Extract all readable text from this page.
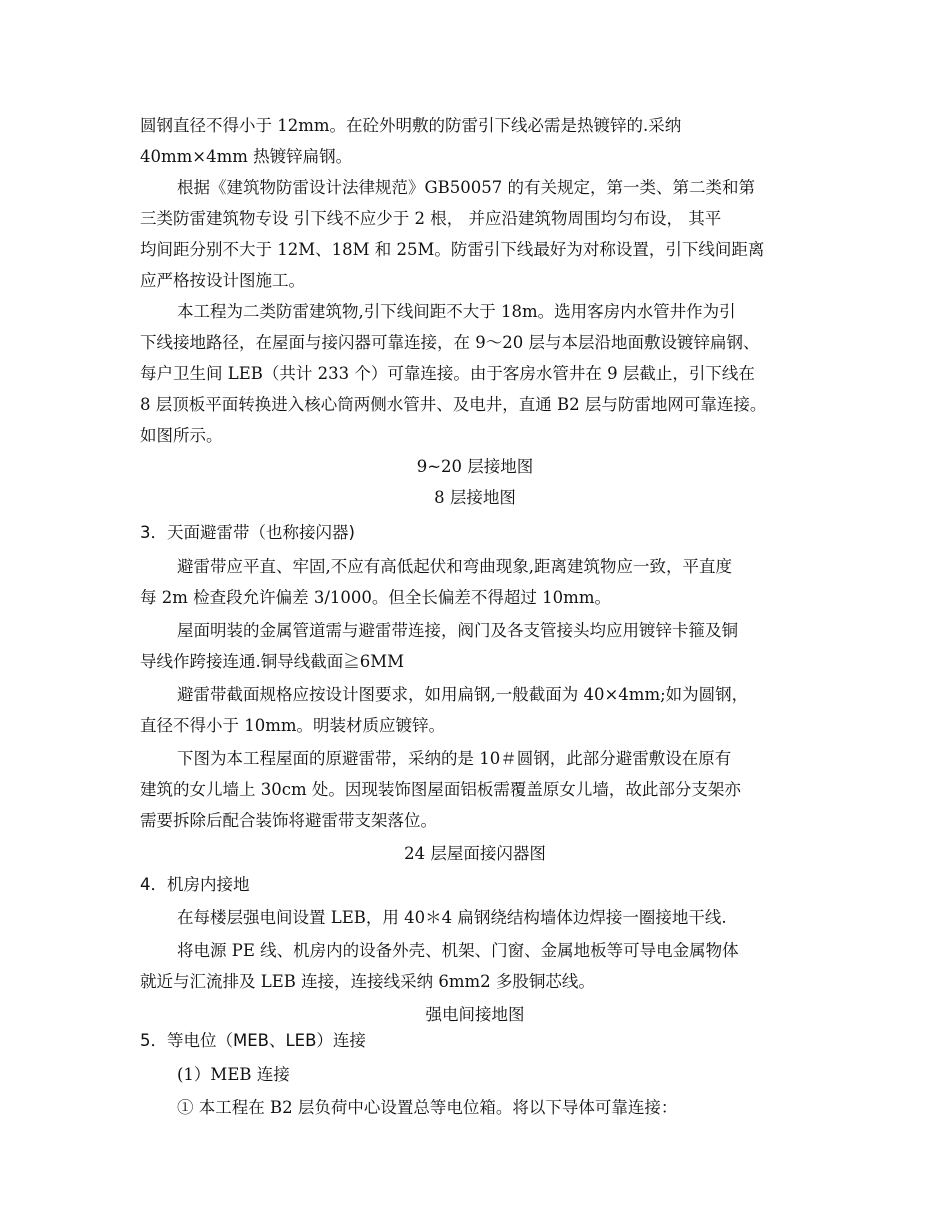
圆钢直径不得小于 12mm。在砼外明敷的防雷引下线必需是热镀锌的.采纳
40mm×4mm 热镀锌扁钢。
根据《建筑物防雷设计法律规范》GB50057 的有关规定，第一类、第二类和第
三类防雷建筑物专设 引下线不应少于 2 根， 并应沿建筑物周围均匀布设， 其平
均间距分别不大于 12M、18M 和 25M。防雷引下线最好为对称设置，引下线间距离
应严格按设计图施工。
本工程为二类防雷建筑物,引下线间距不大于 18m。选用客房内水管井作为引
下线接地路径，在屋面与接闪器可靠连接，在 9～20 层与本层沿地面敷设镀锌扁钢、
每户卫生间 LEB（共计 233 个）可靠连接。由于客房水管井在 9 层截止，引下线在
8 层顶板平面转换进入核心筒两侧水管井、及电井，直通 B2 层与防雷地网可靠连接。
如图所示。
9~20 层接地图
8 层接地图
3．天面避雷带（也称接闪器)
避雷带应平直、牢固,不应有高低起伏和弯曲现象,距离建筑物应一致，平直度
每 2m 检查段允许偏差 3/1000。但全长偏差不得超过 10mm。
屋面明装的金属管道需与避雷带连接，阀门及各支管接头均应用镀锌卡箍及铜
导线作跨接连通.铜导线截面≧6MM
避雷带截面规格应按设计图要求，如用扁钢,一般截面为 40×4mm;如为圆钢，
直径不得小于 10mm。明装材质应镀锌。
下图为本工程屋面的原避雷带，采纳的是 10＃圆钢，此部分避雷敷设在原有
建筑的女儿墙上 30cm 处。因现装饰图屋面铝板需覆盖原女儿墙，故此部分支架亦
需要拆除后配合装饰将避雷带支架落位。
24 层屋面接闪器图
4．机房内接地
在每楼层强电间设置 LEB，用 40＊4 扁钢绕结构墙体边焊接一圈接地干线.
将电源 PE 线、机房内的设备外壳、机架、门窗、金属地板等可导电金属物体
就近与汇流排及 LEB 连接，连接线采纳 6mm2 多股铜芯线。
强电间接地图
5．等电位（MEB、LEB）连接
(1）MEB 连接
① 本工程在 B2 层负荷中心设置总等电位箱。将以下导体可靠连接：
